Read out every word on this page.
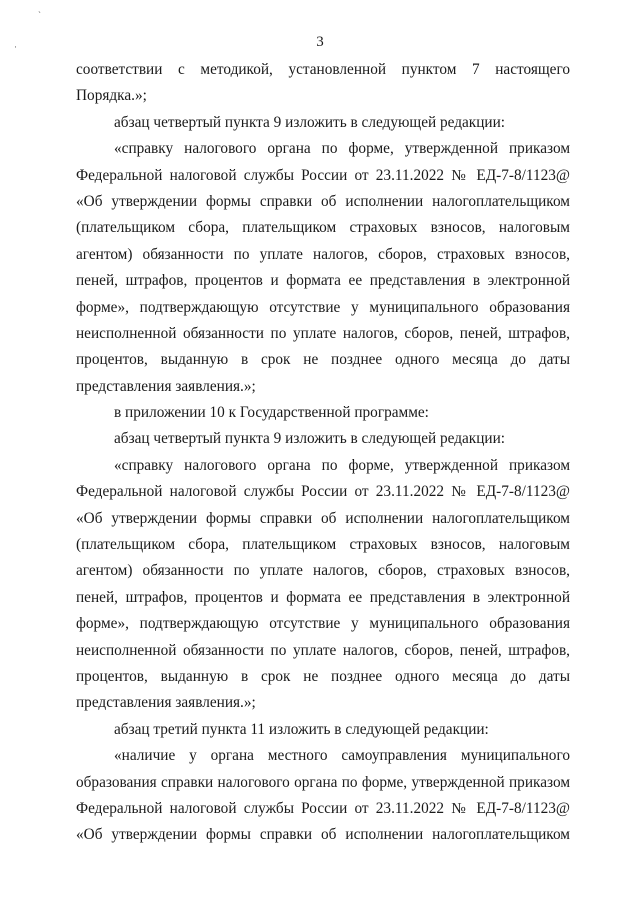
`
·	3
соответствии с методикой, установленной пунктом 7 настоящего
Порядка.»;
абзац четвертый пункта 9 изложить в следующей редакции:
«справку налогового органа по форме, утвержденной приказом
Федеральной налоговой службы России от 23.11.2022 № ЕД-7-8/1123@
«Об утверждении формы справки об исполнении налогоплательщиком
(плательщиком сбора, плательщиком страховых взносов, налоговым
агентом) обязанности по уплате налогов, сборов, страховых взносов,
пеней, штрафов, процентов и формата ее представления в электронной
форме», подтверждающую отсутствие у муниципального образования
неисполненной обязанности по уплате налогов, сборов, пеней, штрафов,
процентов, выданную в срок не позднее одного месяца до даты
представления заявления.»;
в приложении 10 к Государственной программе:
абзац четвертый пункта 9 изложить в следующей редакции:
«справку налогового органа по форме, утвержденной приказом
Федеральной налоговой службы России от 23.11.2022 № ЕД-7-8/1123@
«Об утверждении формы справки об исполнении налогоплательщиком
(плательщиком сбора, плательщиком страховых взносов, налоговым
агентом) обязанности по уплате налогов, сборов, страховых взносов,
пеней, штрафов, процентов и формата ее представления в электронной
форме», подтверждающую отсутствие у муниципального образования
неисполненной обязанности по уплате налогов, сборов, пеней, штрафов,
процентов, выданную в срок не позднее одного месяца до даты
представления заявления.»;
абзац третий пункта 11 изложить в следующей редакции:
«наличие у органа местного самоуправления муниципального
образования справки налогового органа по форме, утвержденной приказом
Федеральной налоговой службы России от 23.11.2022 № ЕД-7-8/1123@
«Об утверждении формы справки об исполнении налогоплательщиком
